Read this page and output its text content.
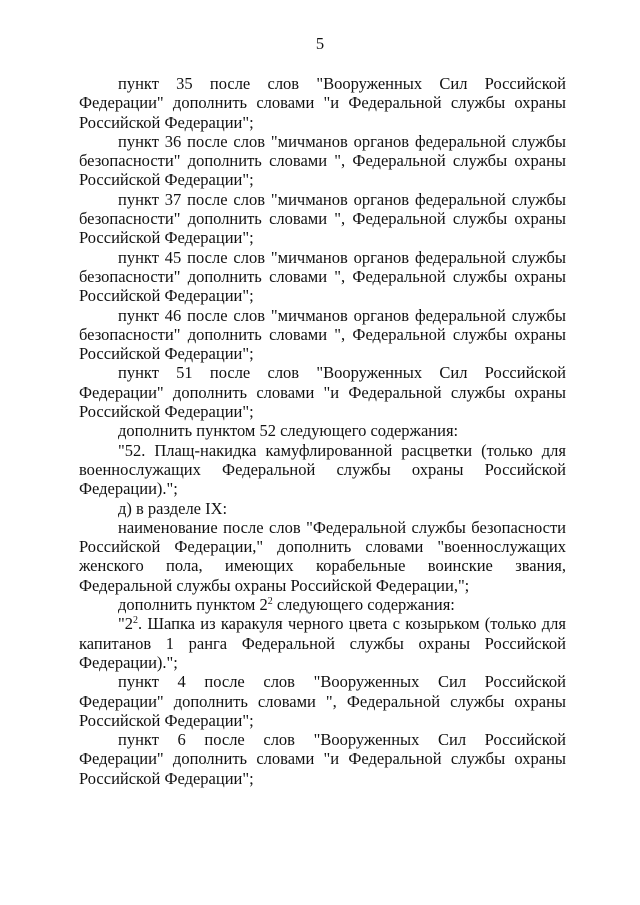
5

пункт 35 после слов "Вооруженных Сил Российской Федерации" дополнить словами "и Федеральной службы охраны Российской Федерации";

пункт 36 после слов "мичманов органов федеральной службы безопасности" дополнить словами ", Федеральной службы охраны Российской Федерации";

пункт 37 после слов "мичманов органов федеральной службы безопасности" дополнить словами ", Федеральной службы охраны Российской Федерации";

пункт 45 после слов "мичманов органов федеральной службы безопасности" дополнить словами ", Федеральной службы охраны Российской Федерации";

пункт 46 после слов "мичманов органов федеральной службы безопасности" дополнить словами ", Федеральной службы охраны Российской Федерации";

пункт 51 после слов "Вооруженных Сил Российской Федерации" дополнить словами "и Федеральной службы охраны Российской Федерации";

дополнить пунктом 52 следующего содержания:

"52. Плащ-накидка камуфлированной расцветки (только для военнослужащих Федеральной службы охраны Российской Федерации).";

д) в разделе IX:

наименование после слов "Федеральной службы безопасности Российской Федерации," дополнить словами "военнослужащих женского пола, имеющих корабельные воинские звания, Федеральной службы охраны Российской Федерации,";

дополнить пунктом $2^2$ следующего содержания:

"$2^2$. Шапка из каракуля черного цвета с козырьком (только для капитанов 1 ранга Федеральной службы охраны Российской Федерации).";

пункт 4 после слов "Вооруженных Сил Российской Федерации" дополнить словами ", Федеральной службы охраны Российской Федерации";

пункт 6 после слов "Вооруженных Сил Российской Федерации" дополнить словами "и Федеральной службы охраны Российской Федерации";
